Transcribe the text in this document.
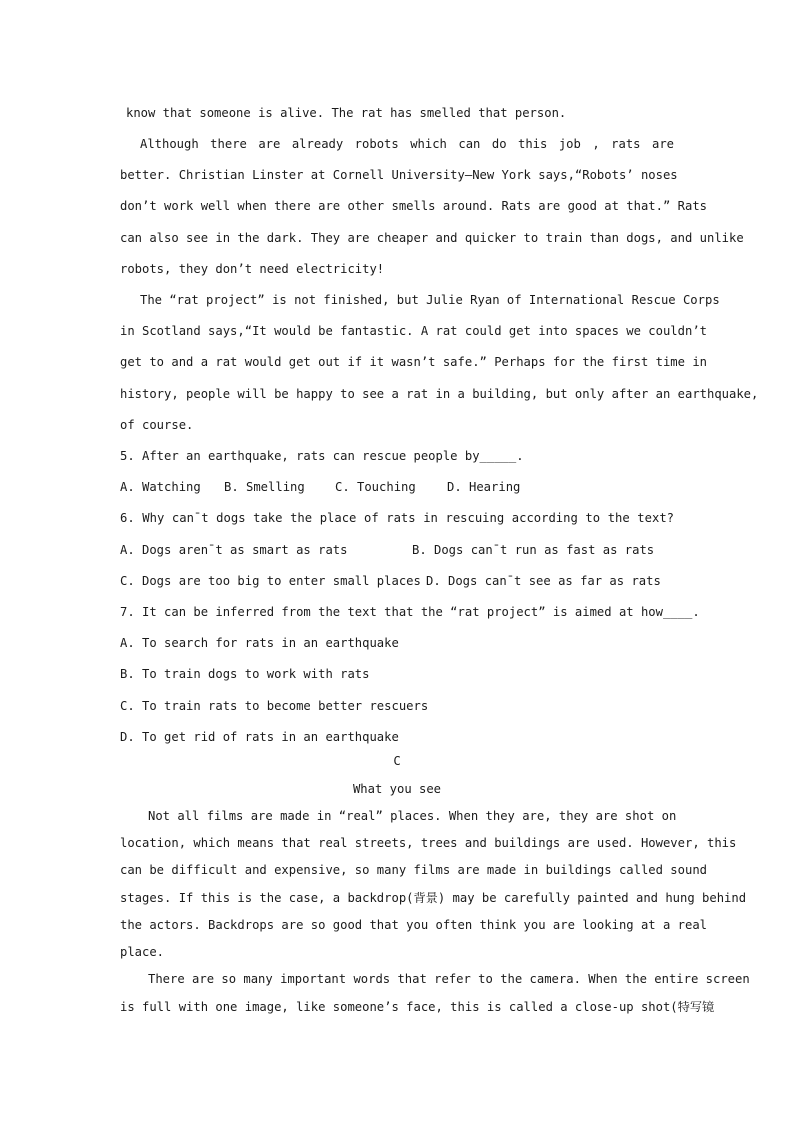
know that someone is alive. The rat has smelled that person.
Although there are already robots which can do this job , rats are
better. Christian Linster at Cornell University—New York says,“Robots’ noses
don’t work well when there are other smells around. Rats are good at that.” Rats
can also see in the dark. They are cheaper and quicker to train than dogs, and unlike
robots, they don’t need electricity!
The “rat project” is not finished, but Julie Ryan of International Rescue Corps
in Scotland says,“It would be fantastic. A rat could get into spaces we couldn’t
get to and a rat would get out if it wasn’t safe.” Perhaps for the first time in
history, people will be happy to see a rat in a building, but only after an earthquake,
of course.
5. After an earthquake, rats can rescue people by_____.
A. Watching B. Smelling C. Touching	D. Hearing
6. Why canˉt dogs take the place of rats in rescuing according to the text?
A. Dogs arenˉt as smart as rats	B. Dogs canˉt run as fast as rats
C. Dogs are too big to enter small places D. Dogs canˉt see as far as rats
7. It can be inferred from the text that the “rat project” is aimed at how____.
A. To search for rats in an earthquake
B. To train dogs to work with rats
C. To train rats to become better rescuers
D. To get rid of rats in an earthquake
C
What you see
Not all films are made in “real” places. When they are, they are shot on
location, which means that real streets, trees and buildings are used. However, this
can be difficult and expensive, so many films are made in buildings called sound
stages. If this is the case, a backdrop(背景) may be carefully painted and hung behind
the actors. Backdrops are so good that you often think you are looking at a real
place.
There are so many important words that refer to the camera. When the entire screen
is full with one image, like someone’s face, this is called a close-up shot(特写镜
